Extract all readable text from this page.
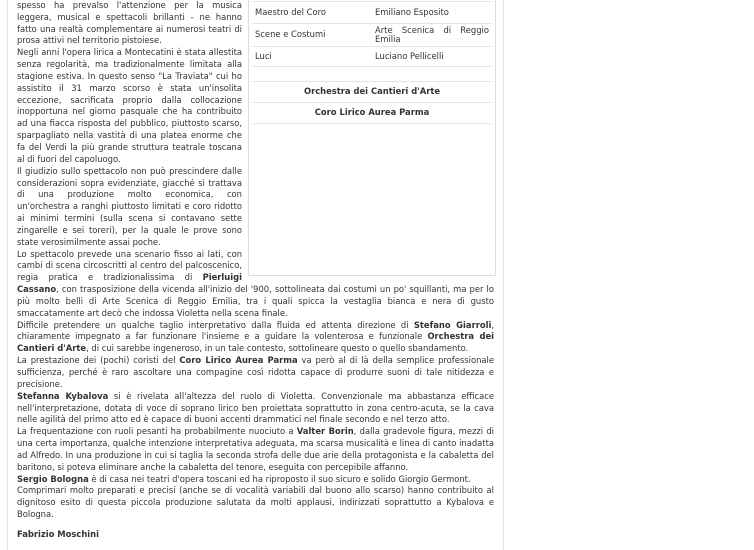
Maestro del Coro	Emiliano Esposito
Scene e Costumi	Arte Scenica di Reggio Emilia
Luci	Luciano Pellicelli

Orchestra dei Cantieri d'Arte	
Coro Lirico Aurea Parma	

spesso ha prevalso l'attenzione per la musica leggera, musical e spettacoli brillanti - ne hanno fatto una realtà complementare ai numerosi teatri di prosa attivi nel territorio pistoiese.

Negli anni l'opera lirica a Montecatini è stata allestita senza regolarità, ma tradizionalmente limitata alla stagione estiva. In questo senso "La Traviata" cui ho assistito il 31 marzo scorso è stata un'insolita eccezione, sacrificata proprio dalla collocazione inopportuna nel giorno pasquale che ha contribuito ad una fiacca risposta del pubblico, piuttosto scarso, sparpagliato nella vastità di una platea enorme che fa del Verdi la più grande struttura teatrale toscana al di fuori del capoluogo.

Il giudizio sullo spettacolo non può prescindere dalle considerazioni sopra evidenziate, giacché si trattava di una produzione molto economica, con un'orchestra a ranghi piuttosto limitati e coro ridotto ai minimi termini (sulla scena si contavano sette zingarelle e sei toreri), per la quale le prove sono state verosimilmente assai poche.

Lo spettacolo prevede una scenario fisso ai lati, con cambi di scena circoscritti al centro del palcoscenico, regia pratica e tradizionalissima di Pierluigi Cassano, con trasposizione della vicenda all'inizio del '900, sottolineata dai costumi un po' squillanti, ma per lo più molto belli di Arte Scenica di Reggio Emilia, tra i quali spicca la vestaglia bianca e nera di gusto smaccatamente art decò che indossa Violetta nella scena finale.

Difficile pretendere un qualche taglio interpretativo dalla fluida ed attenta direzione di Stefano Giarroli, chiaramente impegnato a far funzionare l'insieme e a guidare la volenterosa e funzionale Orchestra dei Cantieri d'Arte, di cui sarebbe ingeneroso, in un tale contesto, sottolineare questo o quello sbandamento.

La prestazione dei (pochi) coristi del Coro Lirico Aurea Parma va però al di là della semplice professionale sufficienza, perché è raro ascoltare una compagine così ridotta capace di produrre suoni di tale nitidezza e precisione.

Stefanna Kybalova si è rivelata all'altezza del ruolo di Violetta. Convenzionale ma abbastanza efficace nell'interpretazione, dotata di voce di soprano lirico ben proiettata soprattutto in zona centro-acuta, se la cava nelle agilità del primo atto ed è capace di buoni accenti drammatici nel finale secondo e nel terzo atto.

La frequentazione con ruoli pesanti ha probabilmente nuociuto a Valter Borin, dalla gradevole figura, mezzi di una certa importanza, qualche intenzione interpretativa adeguata, ma scarsa musicalità e linea di canto inadatta ad Alfredo. In una produzione in cui si taglia la seconda strofa delle due arie della protagonista e la cabaletta del baritono, si poteva eliminare anche la cabaletta del tenore, eseguita con percepibile affanno.

Sergio Bologna è di casa nei teatri d'opera toscani ed ha riproposto il suo sicuro e solido Giorgio Germont.

Comprimari molto preparati e precisi (anche se di vocalità variabili dal buono allo scarso) hanno contribuito al dignitoso esito di questa piccola produzione salutata da molti applausi, indirizzati soprattutto a Kybalova e Bologna.

Fabrizio Moschini
